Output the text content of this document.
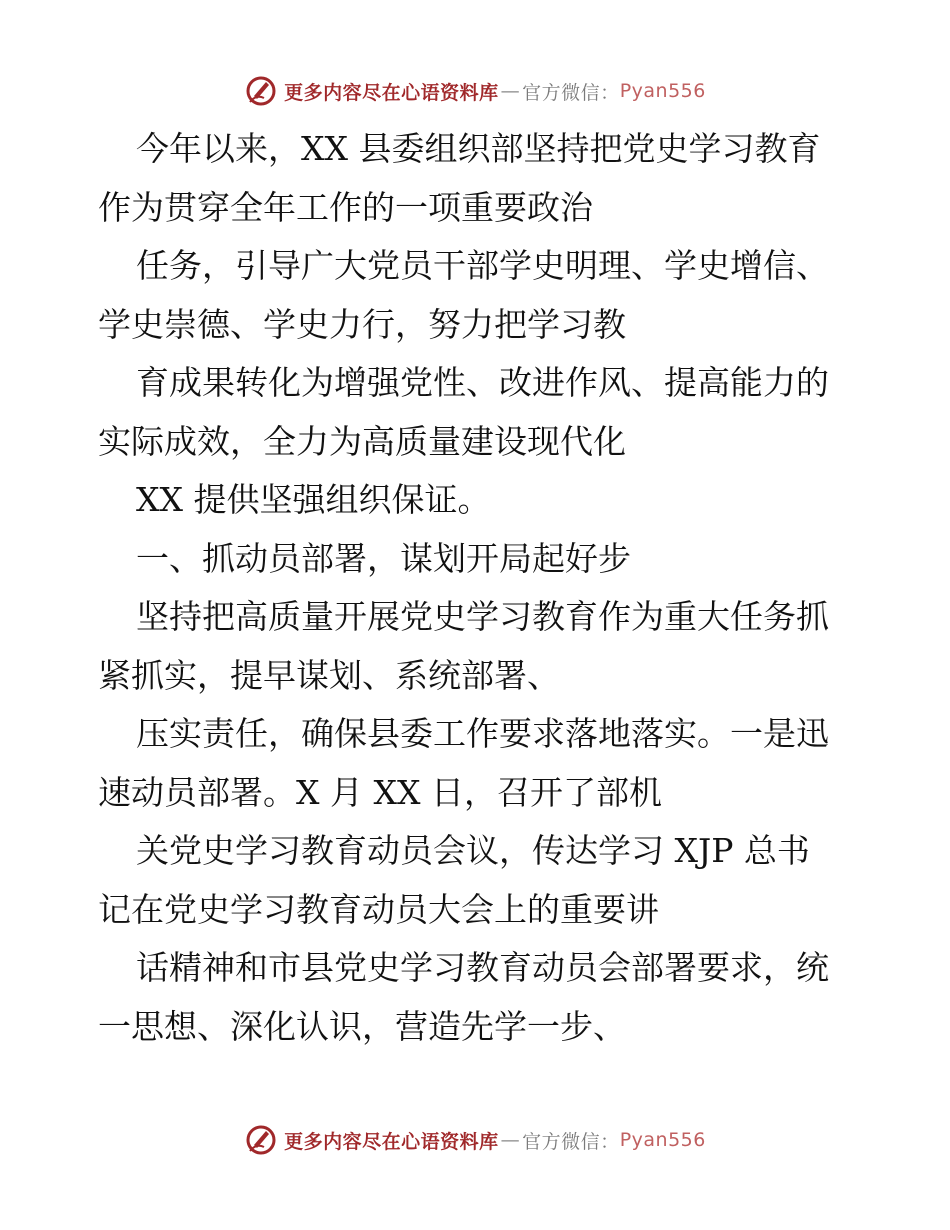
更多内容尽在心语资料库 — 官方微信： Pyan556
今年以来，XX 县委组织部坚持把党史学习教育
作为贯穿全年工作的一项重要政治
任务，引导广大党员干部学史明理、学史增信、
学史崇德、学史力行，努力把学习教
育成果转化为增强党性、改进作风、提高能力的
实际成效，全力为高质量建设现代化
XX 提供坚强组织保证。
一、抓动员部署，谋划开局起好步
坚持把高质量开展党史学习教育作为重大任务抓
紧抓实，提早谋划、系统部署、
压实责任，确保县委工作要求落地落实。一是迅
速动员部署。X 月 XX 日，召开了部机
关党史学习教育动员会议，传达学习 XJP 总书
记在党史学习教育动员大会上的重要讲
话精神和市县党史学习教育动员会部署要求，统
一思想、深化认识，营造先学一步、
更多内容尽在心语资料库 — 官方微信： Pyan556
